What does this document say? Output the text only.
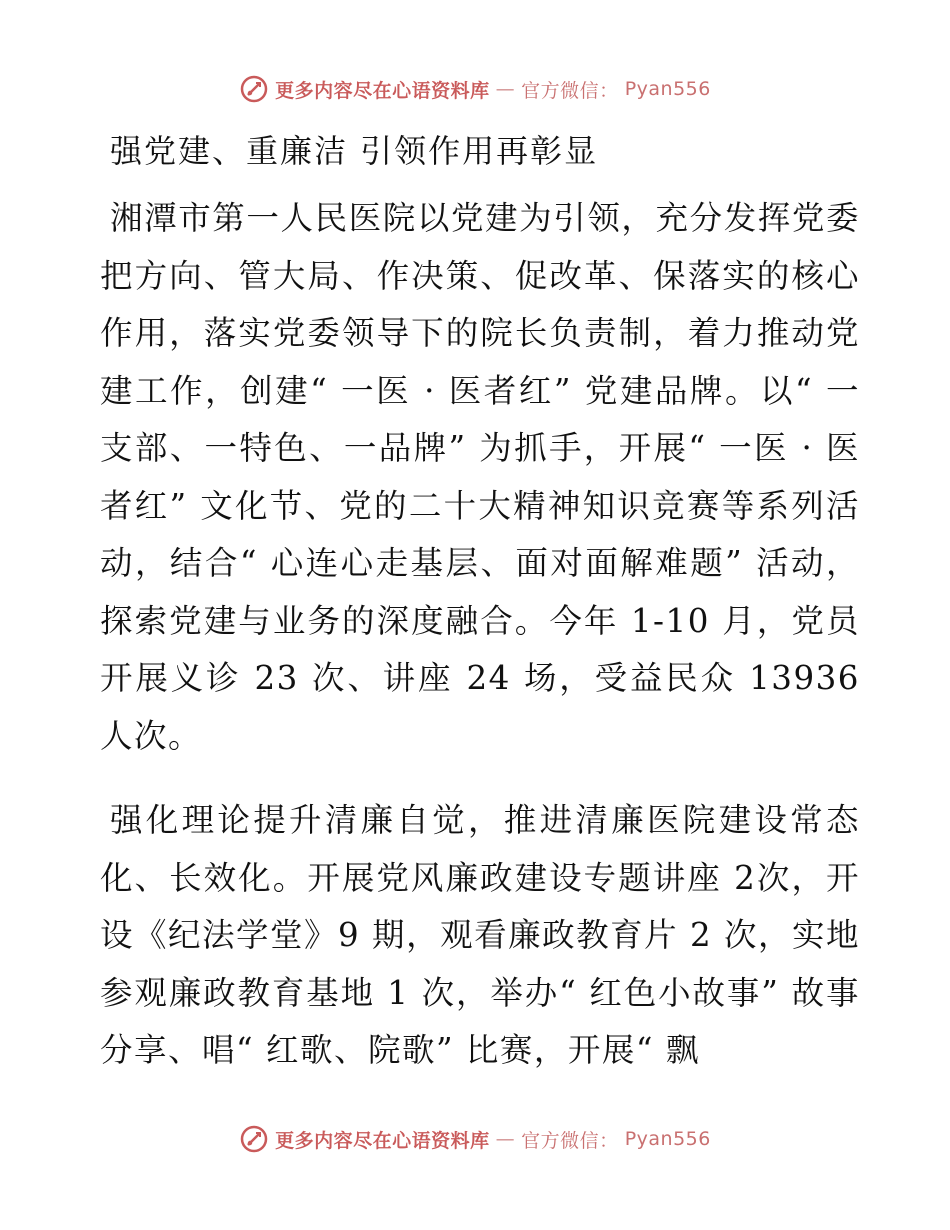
更多内容尽在心语资料库 — 官方微信： Pyan556
强党建、重廉洁 引领作用再彰显

湘潭市第一人民医院以党建为引领，充分发挥党委把方向、管大局、作决策、促改革、保落实的核心作用，落实党委领导下的院长负责制，着力推动党建工作，创建“ 一医 · 医者红” 党建品牌。以“ 一支部、一特色、一品牌” 为抓手，开展“ 一医 · 医者红” 文化节、党的二十大精神知识竞赛等系列活动，结合“ 心连心走基层、面对面解难题” 活动，探索党建与业务的深度融合。今年 1-10 月，党员开展义诊 23 次、讲座 24 场，受益民众 13936 人次。

强化理论提升清廉自觉，推进清廉医院建设常态化、长效化。开展党风廉政建设专题讲座 2次，开设《纪法学堂》9 期，观看廉政教育片 2 次，实地参观廉政教育基地 1 次，举办“ 红色小故事” 故事分享、唱“ 红歌、院歌” 比赛，开展“ 飘

更多内容尽在心语资料库 — 官方微信： Pyan556
